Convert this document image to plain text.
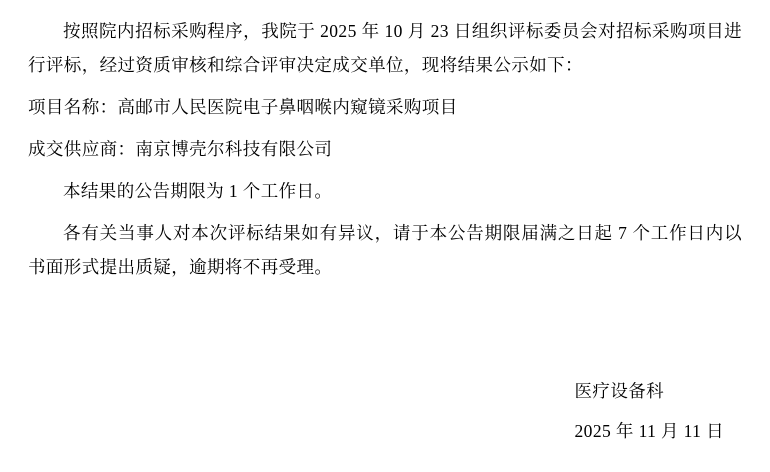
按照院内招标采购程序，我院于 2025 年 10 月 23 日组织评标委员会对招标采购项目进行评标，经过资质审核和综合评审决定成交单位，现将结果公示如下：

项目名称：高邮市人民医院电子鼻咽喉内窥镜采购项目

成交供应商：南京博壳尔科技有限公司

本结果的公告期限为 1 个工作日。

各有关当事人对本次评标结果如有异议，请于本公告期限届满之日起 7 个工作日内以书面形式提出质疑，逾期将不再受理。

医疗设备科

2025 年 11 月 11 日
